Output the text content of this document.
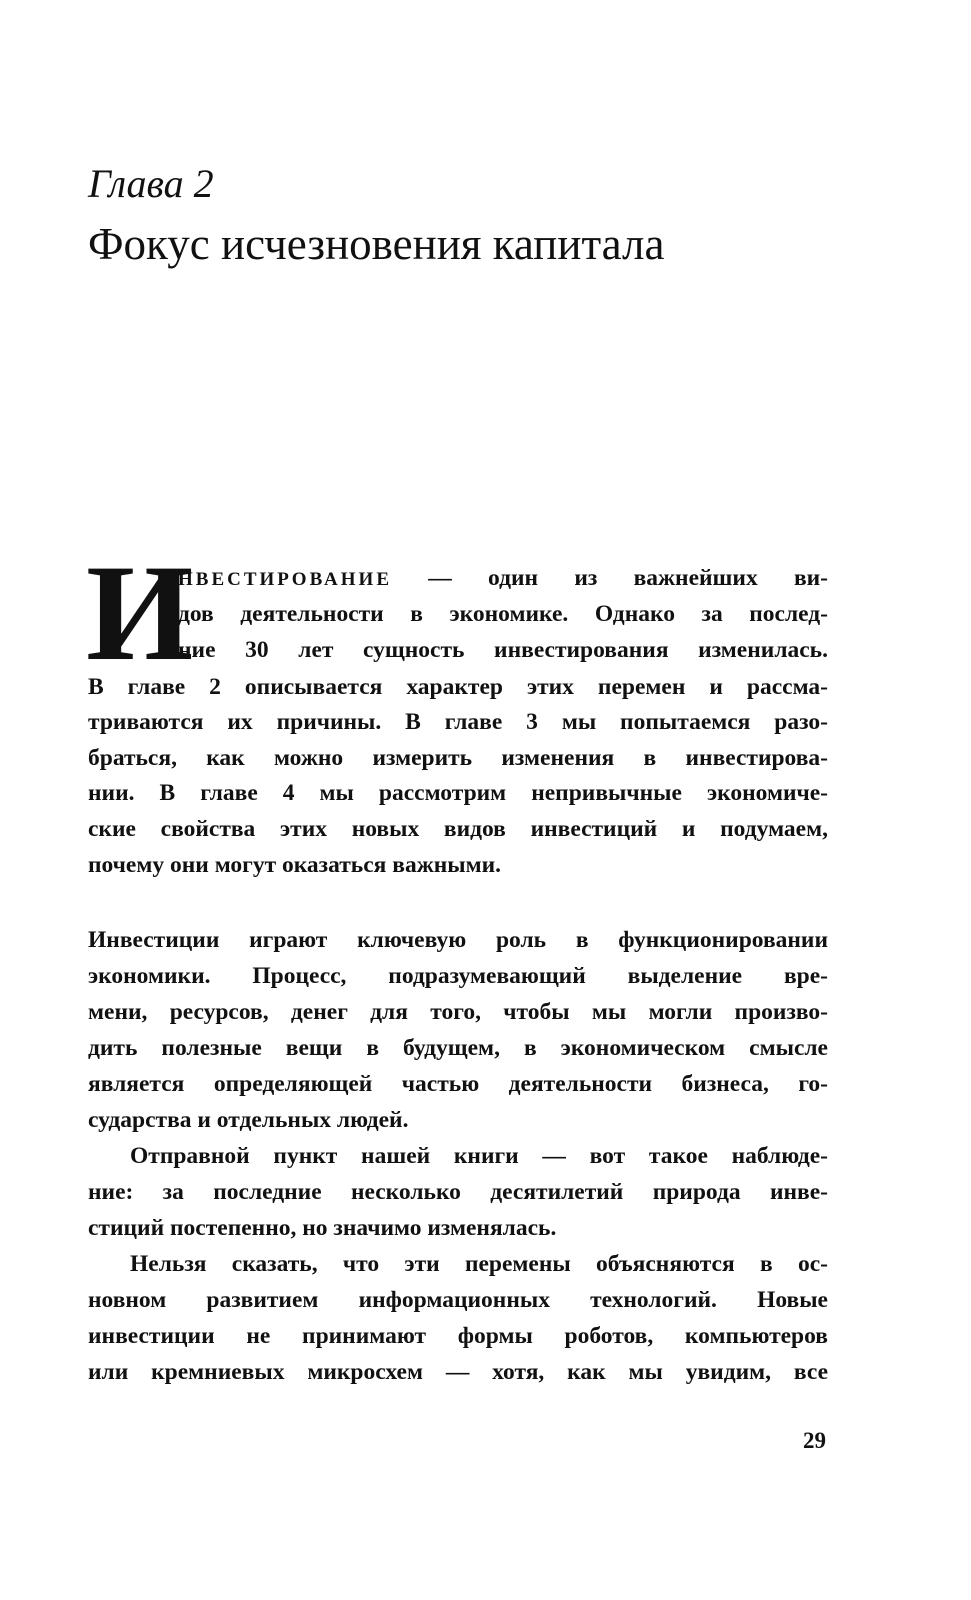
Глава 2
Фокус исчезновения капитала
И
НВЕСТИРОВАНИЕ — один из важнейших ви-
дов деятельности в экономике. Однако за послед-
ние 30 лет сущность инвестирования изменилась.
В главе 2 описывается характер этих перемен и рассма-
триваются их причины. В главе 3 мы попытаемся разо-
браться, как можно измерить изменения в инвестирова-
нии. В главе 4 мы рассмотрим непривычные экономиче-
ские свойства этих новых видов инвестиций и подумаем,
почему они могут оказаться важными.
Инвестиции играют ключевую роль в функционировании
экономики. Процесс, подразумевающий выделение вре-
мени, ресурсов, денег для того, чтобы мы могли произво-
дить полезные вещи в будущем, в экономическом смысле
является определяющей частью деятельности бизнеса, го-
сударства и отдельных людей.
Отправной пункт нашей книги — вот такое наблюде-
ние: за последние несколько десятилетий природа инве-
стиций постепенно, но значимо изменялась.
Нельзя сказать, что эти перемены объясняются в ос-
новном развитием информационных технологий. Новые
инвестиции не принимают формы роботов, компьютеров
или кремниевых микросхем — хотя, как мы увидим, все
29
